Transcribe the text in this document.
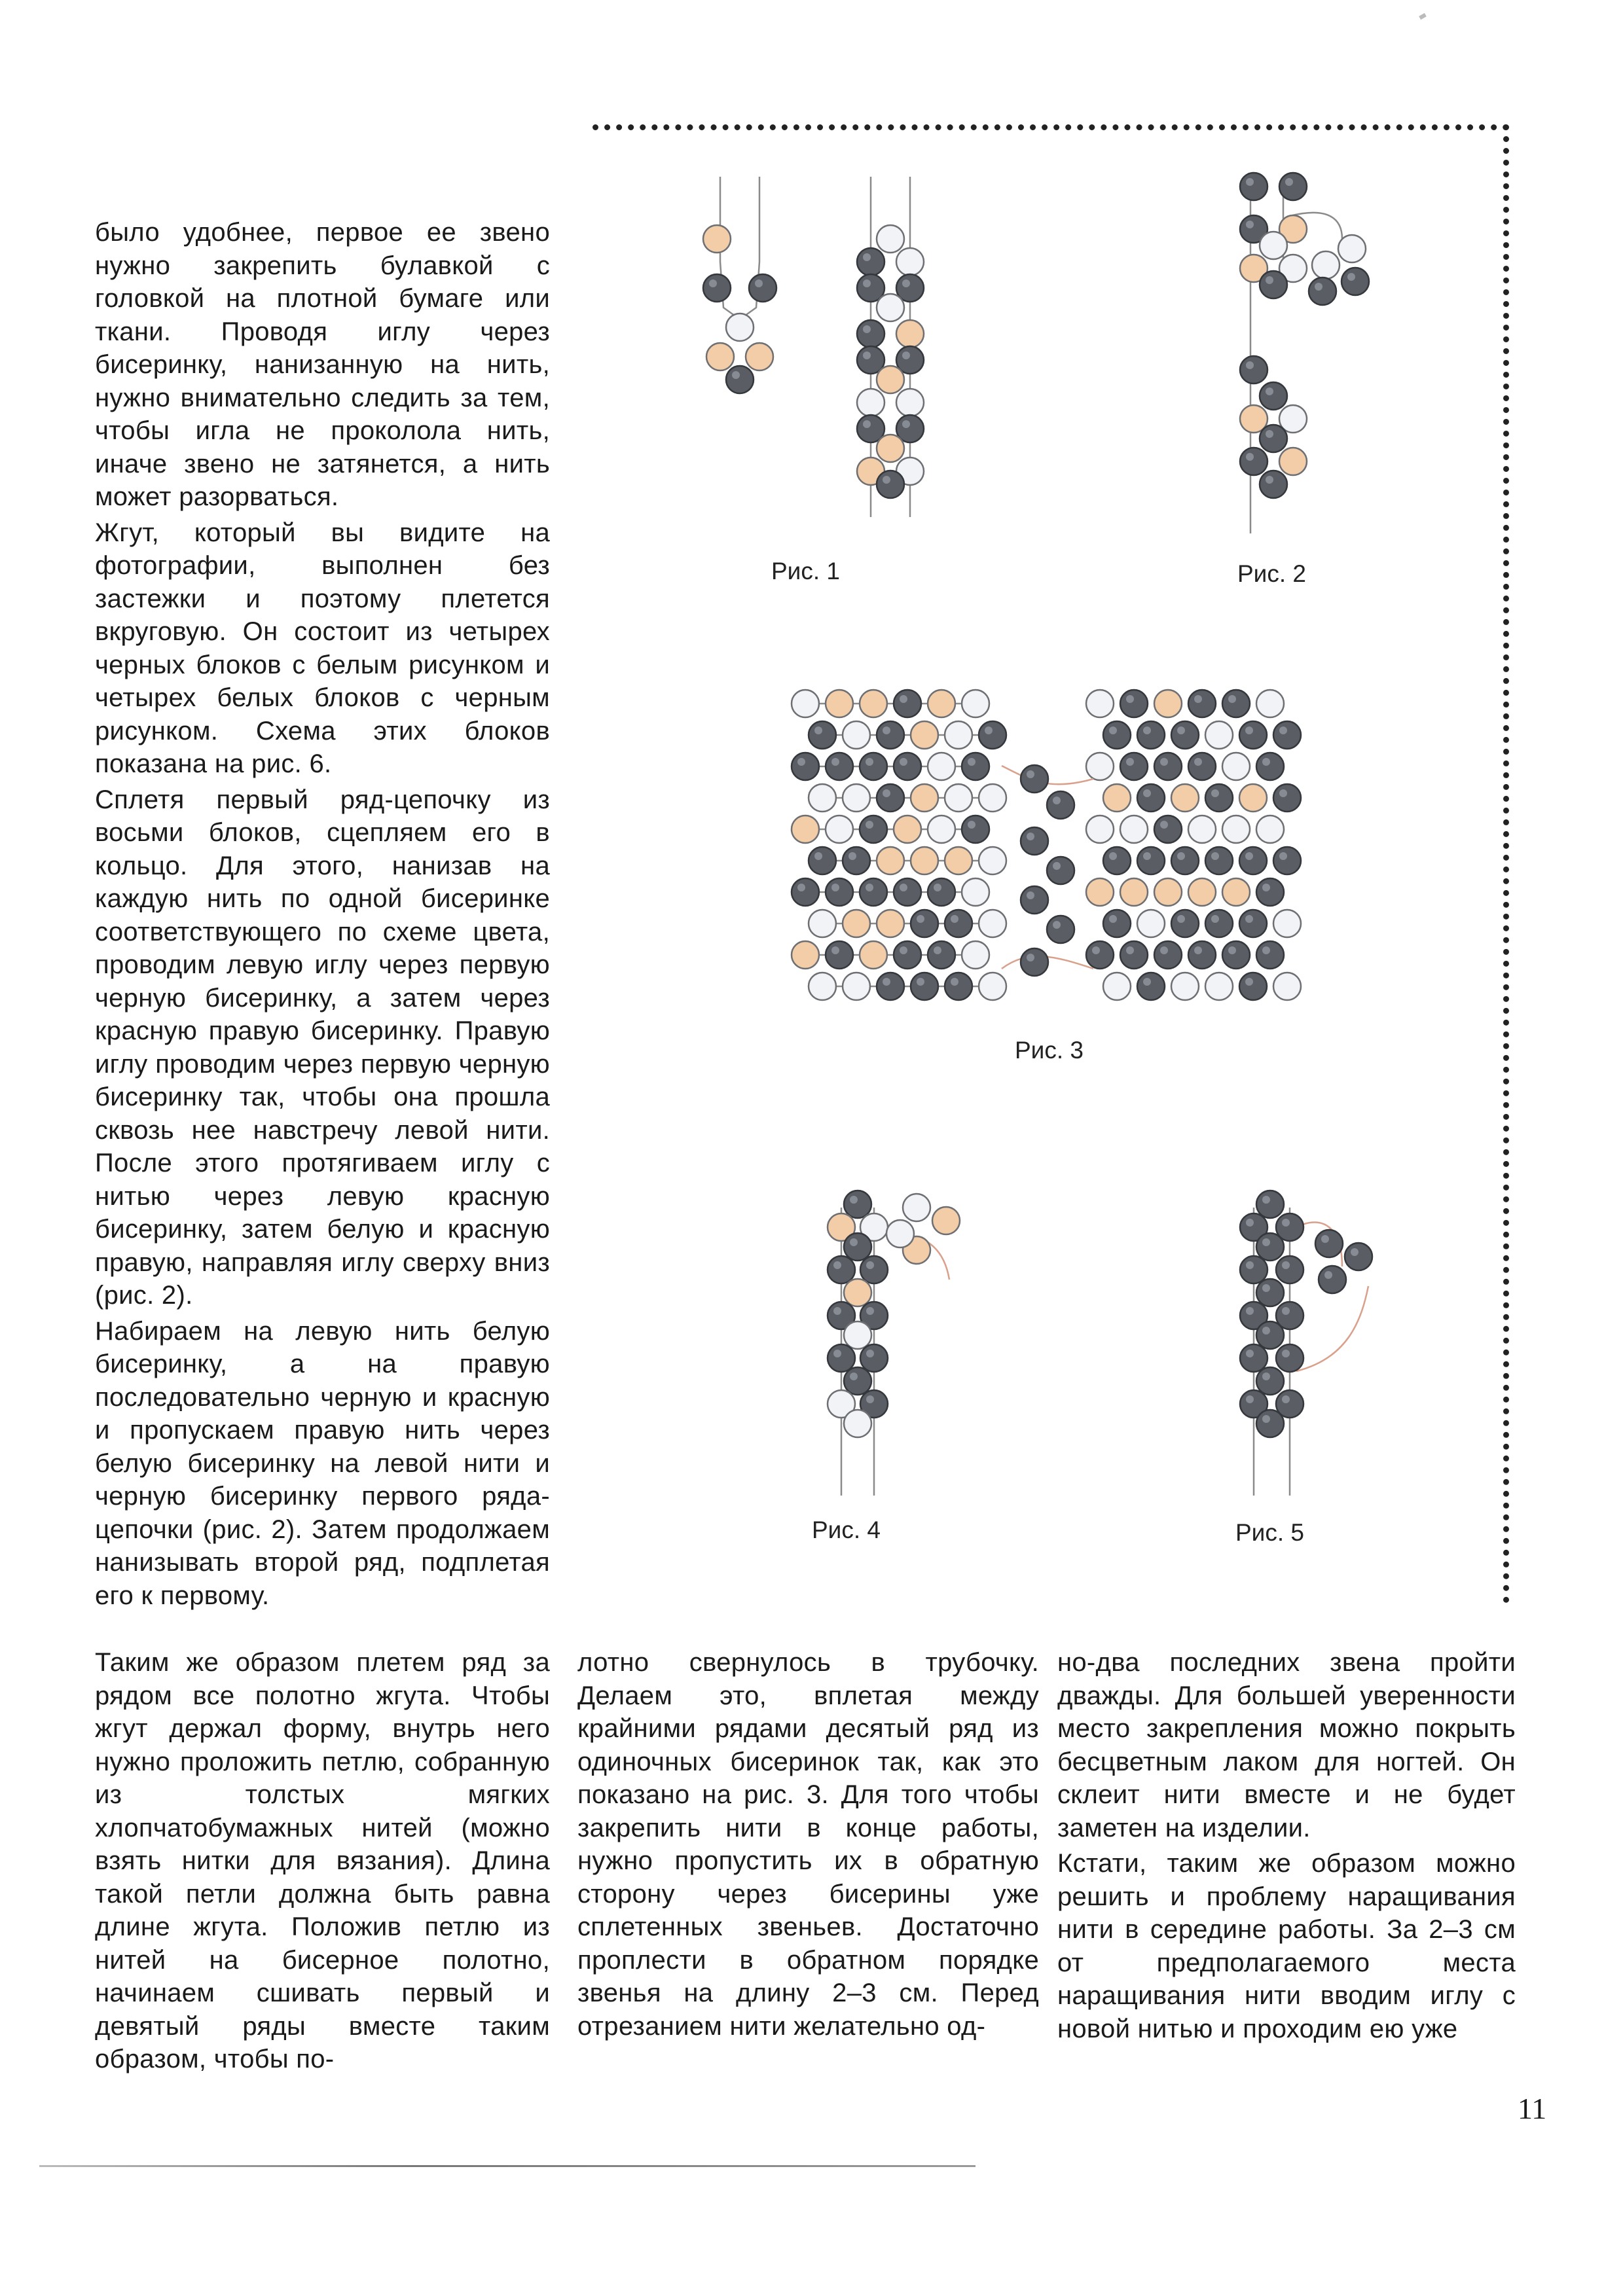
было удобнее, первое ее звено нужно закрепить булавкой с головкой на плотной бумаге или ткани. Проводя иглу через бисеринку, нанизанную на нить, нужно внимательно следить за тем, чтобы игла не проколола нить, иначе звено не затянется, а нить может разорваться.

Жгут, который вы видите на фотографии, выполнен без застежки и поэтому плетется вкруговую. Он состоит из четырех черных блоков с белым рисунком и четырех белых блоков с черным рисунком. Схема этих блоков показана на рис. 6.

Сплетя первый ряд-цепочку из восьми блоков, сцепляем его в кольцо. Для этого, нанизав на каждую нить по одной бисеринке соответствующего по схеме цвета, проводим левую иглу через первую черную бисеринку, а затем через красную правую бисеринку. Правую иглу проводим через первую черную бисеринку так, чтобы она прошла сквозь нее навстречу левой нити. После этого протягиваем иглу с нитью через левую красную бисеринку, затем белую и красную правую, направляя иглу сверху вниз (рис. 2).

Набираем на левую нить белую бисеринку, а на правую последовательно черную и красную и пропускаем правую нить через белую бисеринку на левой нити и черную бисеринку первого ряда-цепочки (рис. 2). Затем продолжаем нанизывать второй ряд, подплетая его к первому.

Рис. 1	Рис. 2
Рис. 3
Рис. 4	Рис. 5

Таким же образом плетем ряд за рядом все полотно жгута. Чтобы жгут держал форму, внутрь него нужно проложить петлю, собранную из толстых мягких хлопчатобумажных нитей (можно взять нитки для вязания). Длина такой петли должна быть равна длине жгута. Положив петлю из нитей на бисерное полотно, начинаем сшивать первый и девятый ряды вместе таким образом, чтобы по-

лотно свернулось в трубочку. Делаем это, вплетая между крайними рядами десятый ряд из одиночных бисеринок так, как это показано на рис. 3. Для того чтобы закрепить нити в конце работы, нужно пропустить их в обратную сторону через бисерины уже сплетенных звеньев. Достаточно проплести в обратном порядке звенья на длину 2–3 см. Перед отрезанием нити желательно од-

но-два последних звена пройти дважды. Для большей уверенности место закрепления можно покрыть бесцветным лаком для ногтей. Он склеит нити вместе и не будет заметен на изделии.

Кстати, таким же образом можно решить и проблему наращивания нити в середине работы. За 2–3 см от предполагаемого места наращивания нити вводим иглу с новой нитью и проходим ею уже

11
